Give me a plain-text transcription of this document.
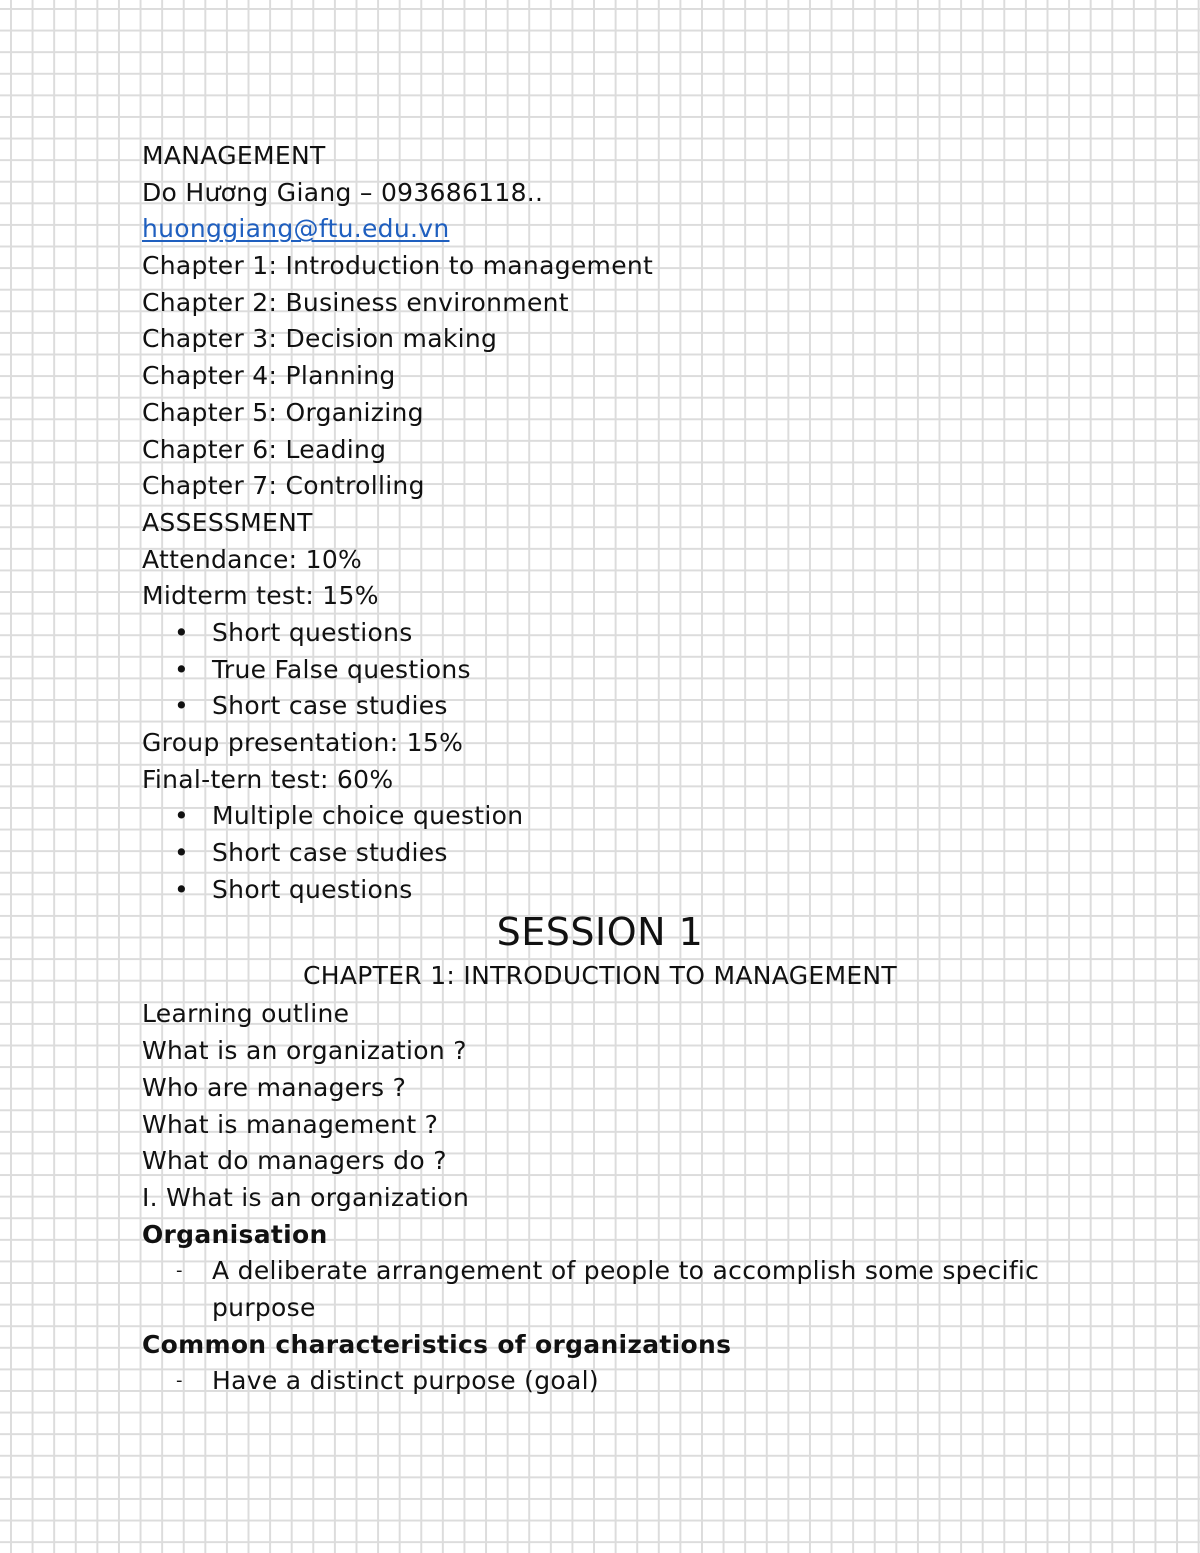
MANAGEMENT
Do Hương Giang – 093686118..
huonggiang@ftu.edu.vn
Chapter 1: Introduction to management
Chapter 2: Business environment
Chapter 3: Decision making
Chapter 4: Planning
Chapter 5: Organizing
Chapter 6: Leading
Chapter 7: Controlling
ASSESSMENT
Attendance: 10%
Midterm test: 15%
• Short questions
• True False questions
• Short case studies
Group presentation: 15%
Final-tern test: 60%
• Multiple choice question
• Short case studies
• Short questions
SESSION 1
CHAPTER 1: INTRODUCTION TO MANAGEMENT
Learning outline
What is an organization ?
Who are managers ?
What is management ?
What do managers do ?
I. What is an organization
Organisation
- A deliberate arrangement of people to accomplish some specific purpose
Common characteristics of organizations
- Have a distinct purpose (goal)
